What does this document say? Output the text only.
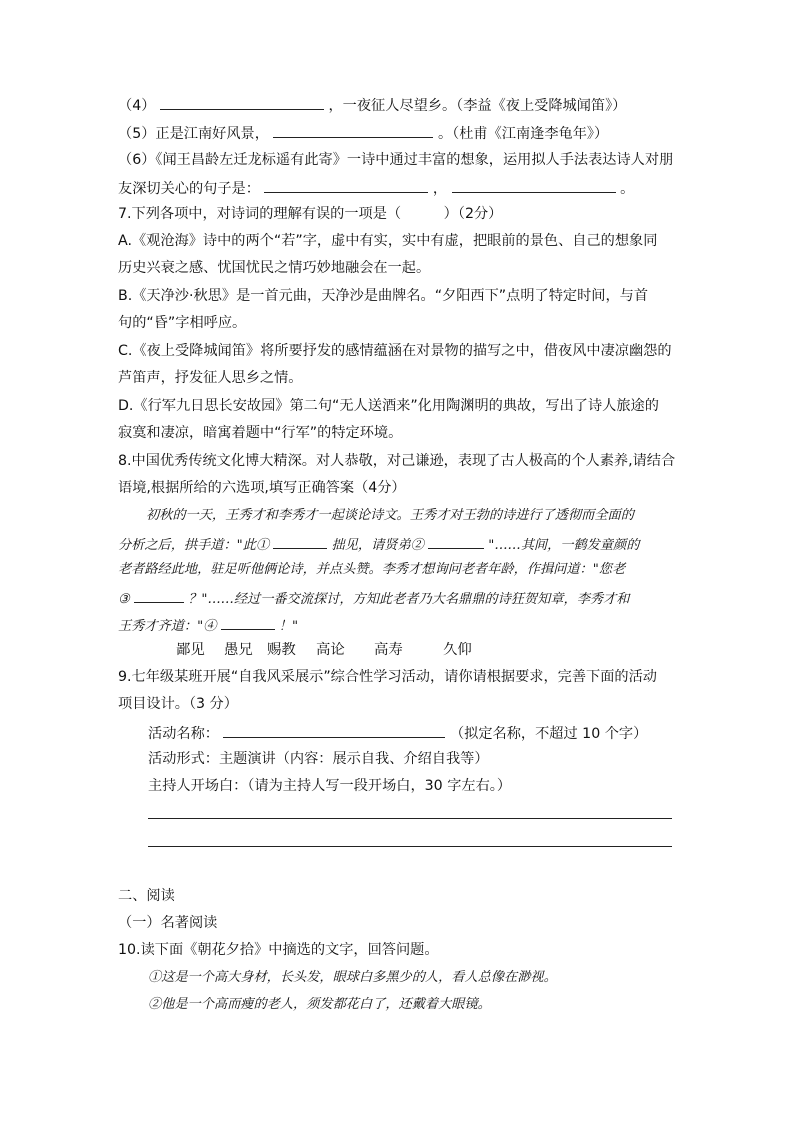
（4）	，一夜征人尽望乡。（李益《夜上受降城闻笛》）
（5）正是江南好风景，	。（杜甫《江南逢李龟年》）
（6）《闻王昌龄左迁龙标遥有此寄》一诗中通过丰富的想象，运用拟人手法表达诗人对朋
友深切关心的句子是：	，	。
7.下列各项中，对诗词的理解有误的一项是（　　　）（2分）
A.《观沧海》诗中的两个“若”字，虚中有实，实中有虚，把眼前的景色、自己的想象同
历史兴衰之感、忧国忧民之情巧妙地融会在一起。
B.《天净沙·秋思》是一首元曲，天净沙是曲牌名。“夕阳西下”点明了特定时间，与首
句的“昏”字相呼应。
C.《夜上受降城闻笛》将所要抒发的感情蕴涵在对景物的描写之中，借夜风中凄凉幽怨的
芦笛声，抒发征人思乡之情。
D.《行军九日思长安故园》第二句“无人送酒来”化用陶渊明的典故，写出了诗人旅途的
寂寞和凄凉，暗寓着题中“行军”的特定环境。
8.中国优秀传统文化博大精深。对人恭敬，对己谦逊，表现了古人极高的个人素养,请结合
语境,根据所给的六选项,填写正确答案（4分）
初秋的一天，王秀才和李秀才一起谈论诗文。王秀才对王勃的诗进行了透彻而全面的
分析之后，拱手道："此①	拙见，请贤弟②	"……其间，一鹤发童颜的
老者路经此地，驻足听他俩论诗，并点头赞。李秀才想询问老者年龄，作揖问道："您老
③	？"……经过一番交流探讨，方知此老者乃大名鼎鼎的诗狂贺知章，李秀才和
王秀才齐道："④	！"
鄙见 愚兄 赐教 高论 高寿	久仰
9.七年级某班开展“自我风采展示”综合性学习活动，请你请根据要求，完善下面的活动
项目设计。（3 分）
活动名称：	（拟定名称，不超过 10 个字）
活动形式：主题演讲（内容：展示自我、介绍自我等）
主持人开场白：（请为主持人写一段开场白，30 字左右。）
二、阅读
（一）名著阅读
10.读下面《朝花夕拾》中摘选的文字，回答问题。
①这是一个高大身材，长头发，眼球白多黑少的人，看人总像在渺视。
②他是一个高而瘦的老人，须发都花白了，还戴着大眼镜。
